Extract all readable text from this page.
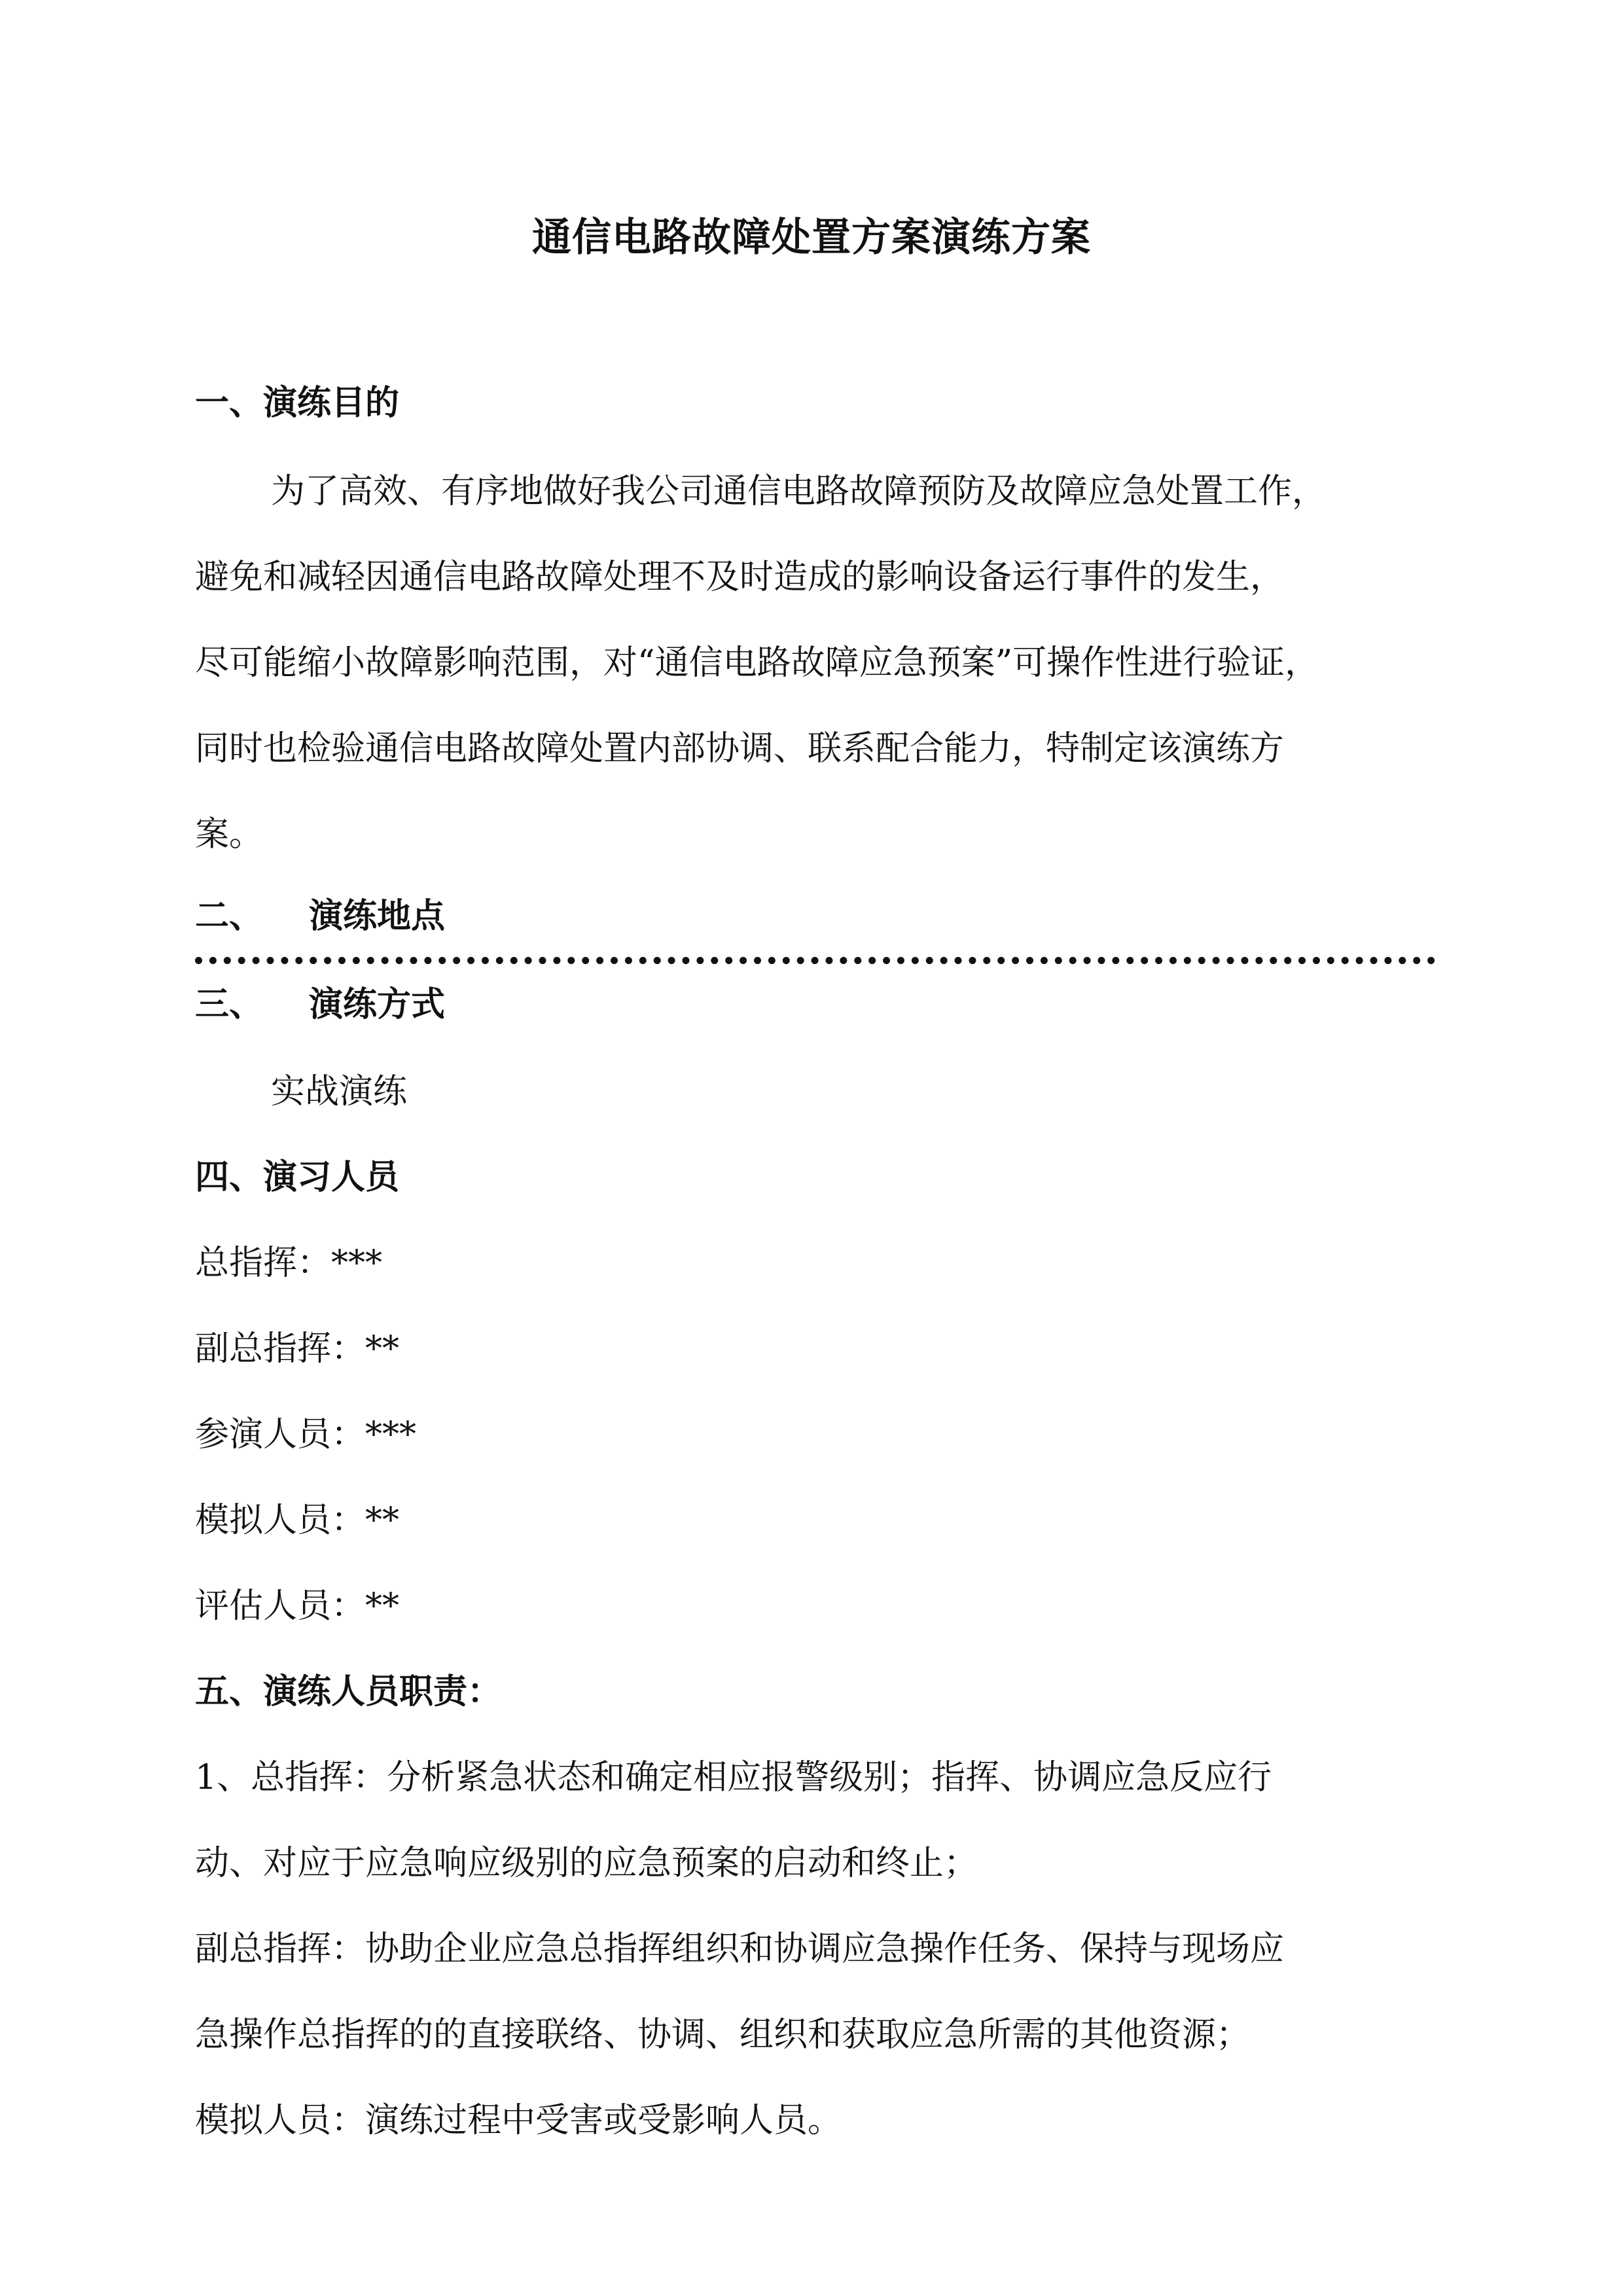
通信电路故障处置方案演练方案
一、演练目的
为了高效、有序地做好我公司通信电路故障预防及故障应急处置工作，
避免和减轻因通信电路故障处理不及时造成的影响设备运行事件的发生，
尽可能缩小故障影响范围，对“通信电路故障应急预案”可操作性进行验证，
同时也检验通信电路故障处置内部协调、联系配合能力，特制定该演练方
案。
二、 演练地点
三、 演练方式
实战演练
四、演习人员
总指挥：***
副总指挥：**
参演人员：***
模拟人员：**
评估人员：**
五、演练人员职责：
1、总指挥：分析紧急状态和确定相应报警级别；指挥、协调应急反应行
动、对应于应急响应级别的应急预案的启动和终止；
副总指挥：协助企业应急总指挥组织和协调应急操作任务、保持与现场应
急操作总指挥的的直接联络、协调、组织和获取应急所需的其他资源；
模拟人员：演练过程中受害或受影响人员。
